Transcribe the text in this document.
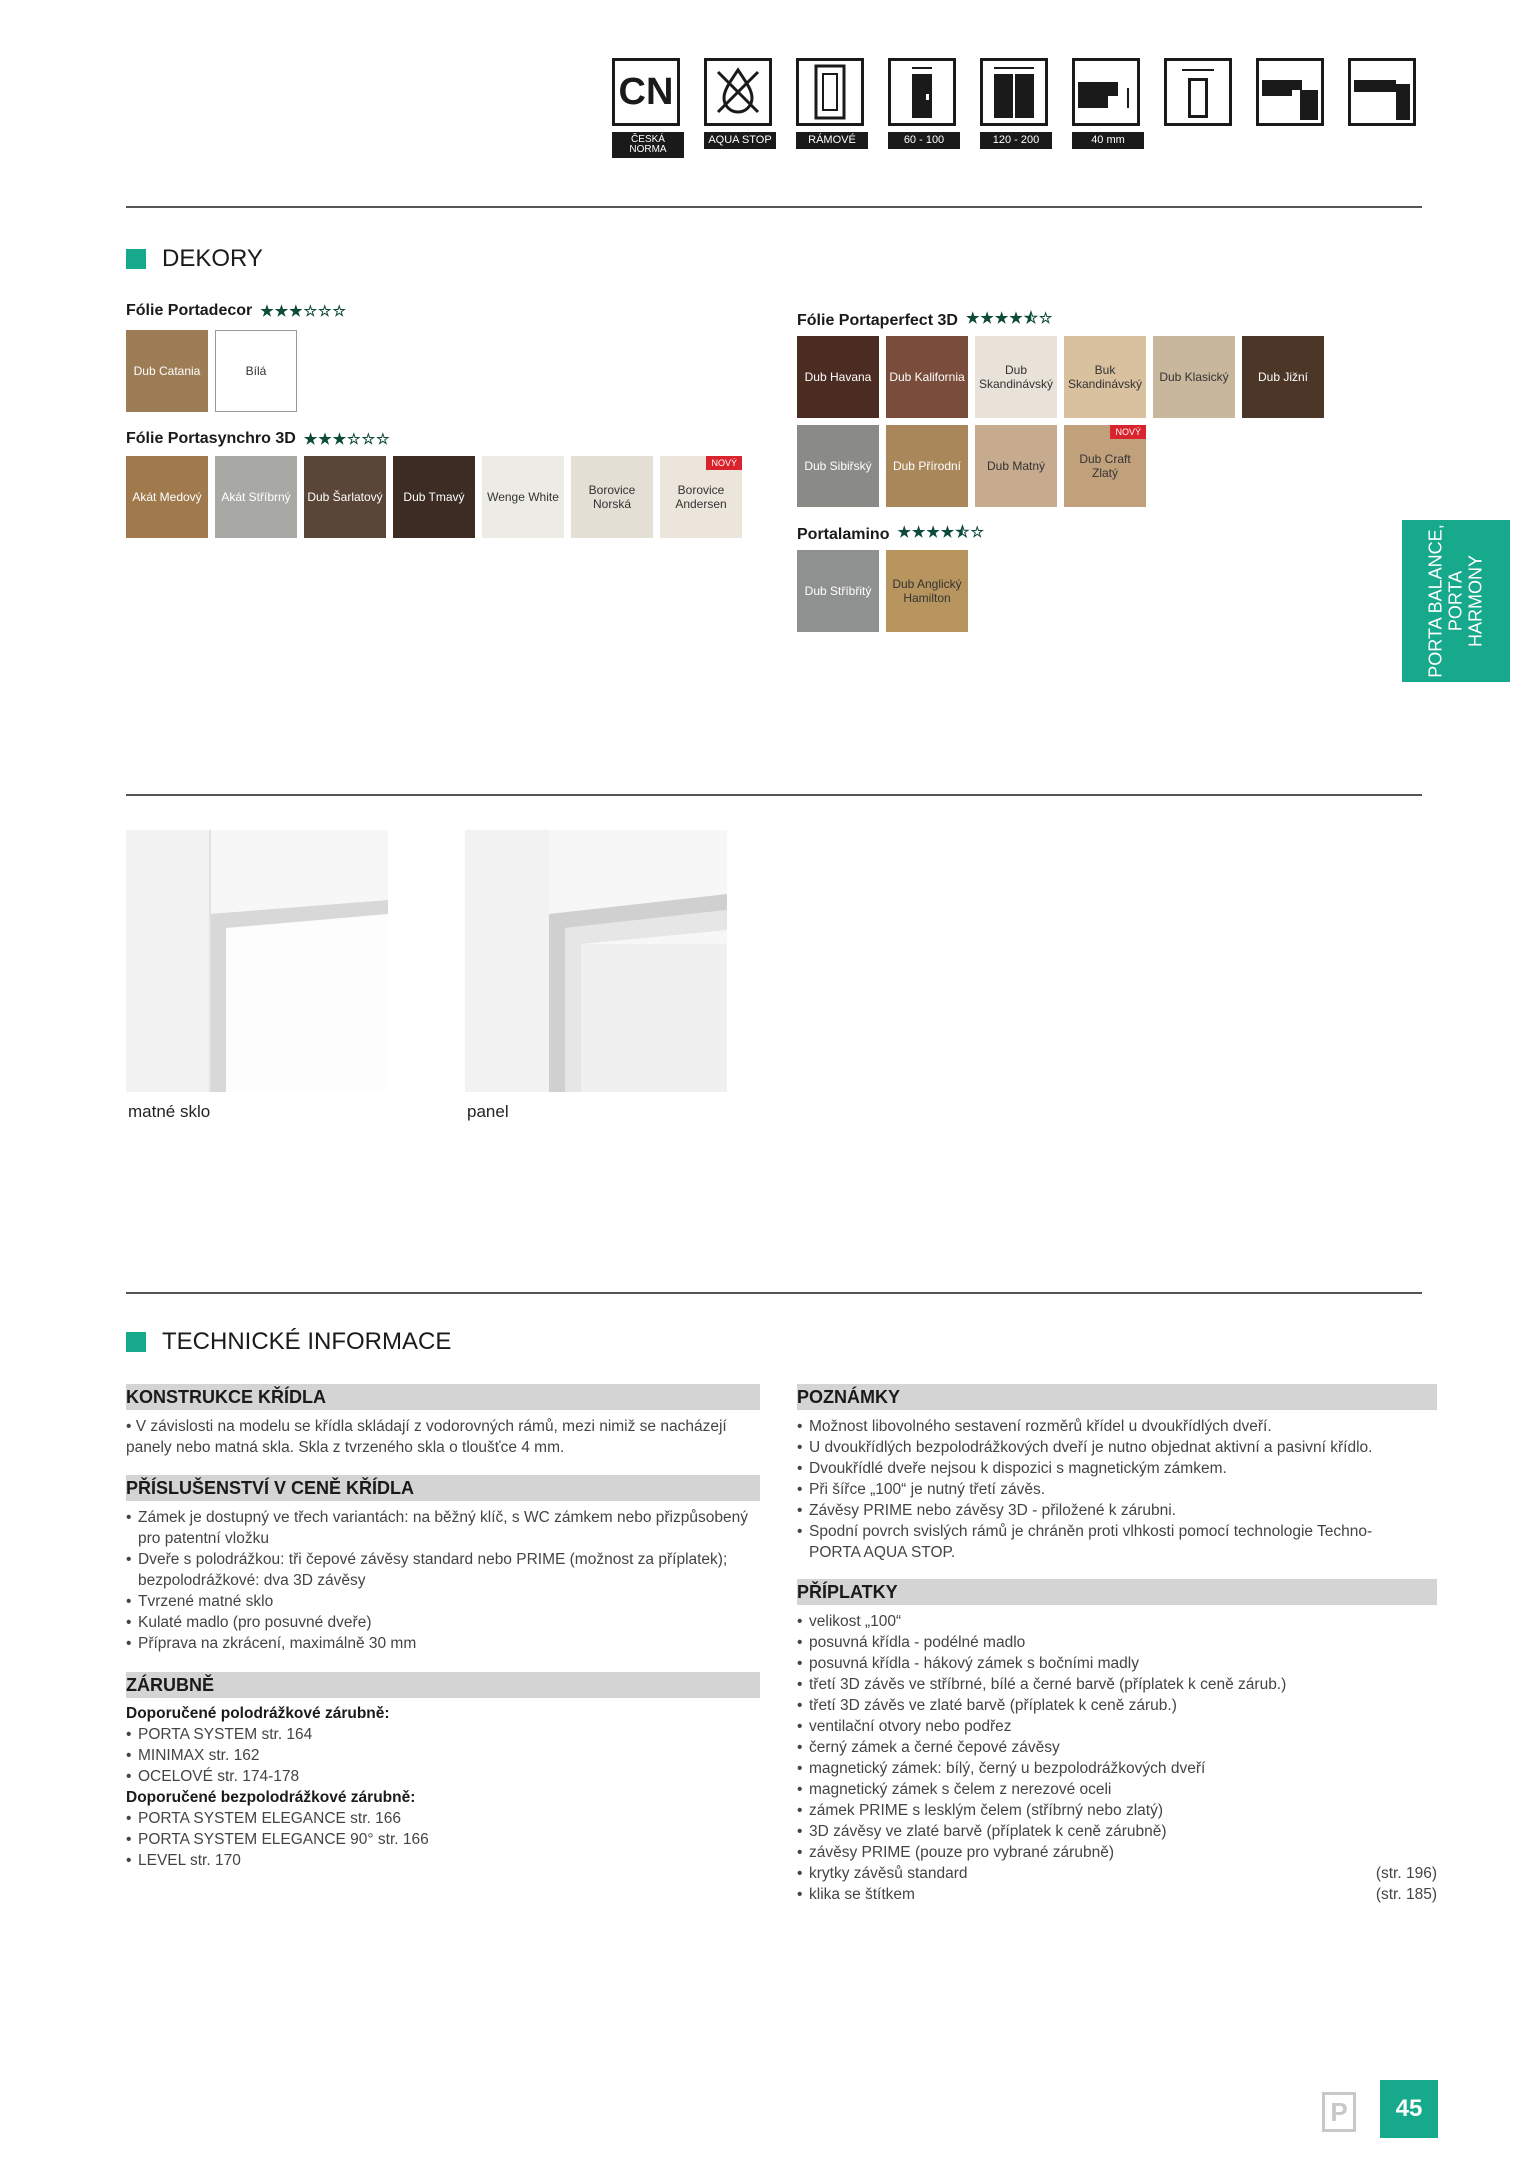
CN
ČESKÁ NORMA
AQUA STOP	RÁMOVÉ	60 - 100	120 - 200	40 mm
DEKORY
Fólie Portadecor ★★★☆☆☆
Dub Catania	Bílá
Fólie Portasynchro 3D ★★★☆☆☆
Akát Medový Akát Stříbrný Dub Šarlatový Dub Tmavý Wenge White	Borovice Norská
Borovice Andersen
NOVÝ
Fólie Portaperfect 3D ★★★★⯪☆
Dub Havana Dub Kalifornia	Dub Skandinávský
Buk Skandinávský	Dub Klasický Dub Jižní
Dub Sibiřský Dub Přírodní Dub Matný	Dub Craft Zlatý
NOVÝ
Portalamino ★★★★⯪☆
Dub Stříbřitý	Dub Anglický Hamilton	PORTA BALANCE,
PORTA
HARMONY
matné sklo	panel
TECHNICKÉ INFORMACE
KONSTRUKCE KŘÍDLA
• V závislosti na modelu se křídla skládají z vodorovných rámů, mezi nimiž se nacházejí panely nebo matná skla. Skla z tvrzeného skla o tloušťce 4 mm.
PŘÍSLUŠENSTVÍ V CENĚ KŘÍDLA
• Zámek je dostupný ve třech variantách: na běžný klíč, s WC zámkem nebo přizpůsobený pro patentní vložku
• Dveře s polodrážkou: tři čepové závěsy standard nebo PRIME (možnost za příplatek); bezpolodrážkové: dva 3D závěsy
• Tvrzené matné sklo
• Kulaté madlo (pro posuvné dveře)
• Příprava na zkrácení, maximálně 30 mm
ZÁRUBNĚ
Doporučené polodrážkové zárubně:
• PORTA SYSTEM str. 164
• MINIMAX str. 162
• OCELOVÉ str. 174-178
Doporučené bezpolodrážkové zárubně:
• PORTA SYSTEM ELEGANCE str. 166
• PORTA SYSTEM ELEGANCE 90° str. 166
• LEVEL str. 170
POZNÁMKY
• Možnost libovolného sestavení rozměrů křídel u dvoukřídlých dveří.
• U dvoukřídlých bezpolodrážkových dveří je nutno objednat aktivní a pasivní křídlo.
• Dvoukřídlé dveře nejsou k dispozici s magnetickým zámkem.
• Při šířce „100“ je nutný třetí závěs.
• Závěsy PRIME nebo závěsy 3D - přiložené k zárubni.
• Spodní povrch svislých rámů je chráněn proti vlhkosti pomocí technologie Techno-PORTA AQUA STOP.
PŘÍPLATKY
• velikost „100“
• posuvná křídla - podélné madlo
• posuvná křídla - hákový zámek s bočními madly
• třetí 3D závěs ve stříbrné, bílé a černé barvě (příplatek k ceně zárub.)
• třetí 3D závěs ve zlaté barvě (příplatek k ceně zárub.)
• ventilační otvory nebo podřez
• černý zámek a černé čepové závěsy
• magnetický zámek: bílý, černý u bezpolodrážkových dveří
• magnetický zámek s čelem z nerezové oceli
• zámek PRIME s lesklým čelem (stříbrný nebo zlatý)
• 3D závěsy ve zlaté barvě (příplatek k ceně zárubně)
• závěsy PRIME (pouze pro vybrané zárubně)
• krytky závěsů standard	(str. 196)
• klika se štítkem	(str. 185)
P	45
